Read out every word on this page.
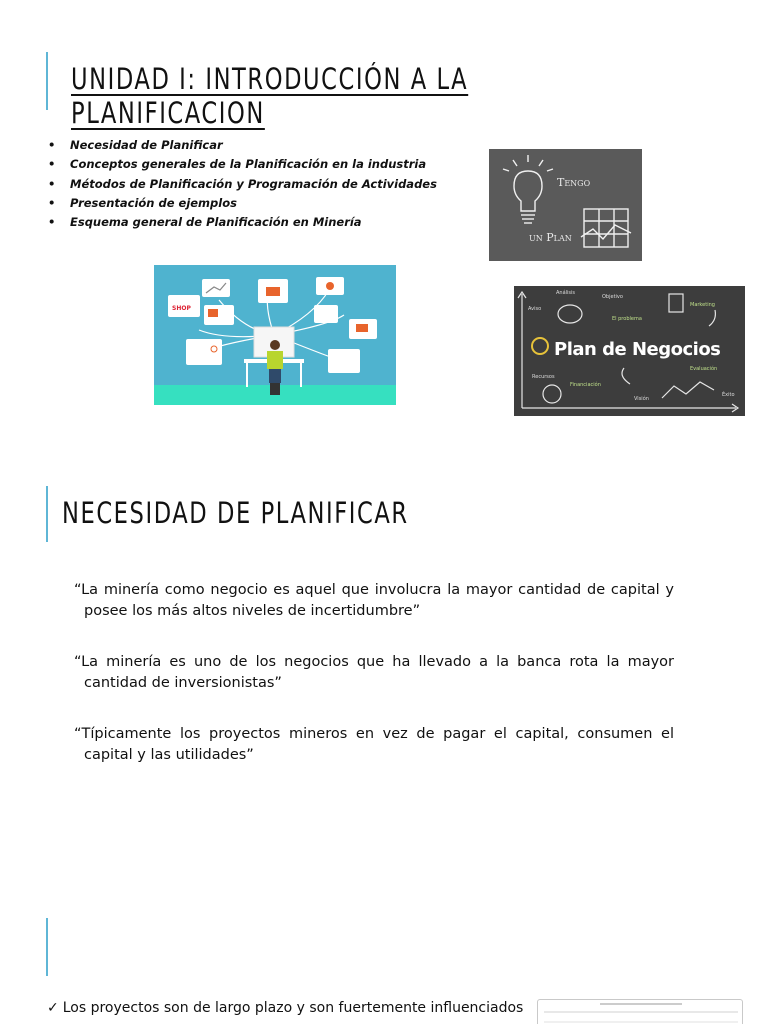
UNIDAD I: INTRODUCCIÓN A LA PLANIFICACION
• Necesidad de Planificar
• Conceptos generales de la Planificación en la industria
• Métodos de Planificación y Programación de Actividades
• Presentación de ejemplos
• Esquema general de Planificación en Minería
Tengo
un Plan
SHOP
Plan de Negocios
Análisis
Objetivo
Marketing
Aviso
El problema
Recursos
Financiación
Evaluación
Visión
Éxito
NECESIDAD DE PLANIFICAR

“La minería como negocio es aquel que involucra la mayor cantidad de capital y posee los más altos niveles de incertidumbre”

“La minería es uno de los negocios que ha llevado a la banca rota la mayor cantidad de inversionistas”

“Típicamente los proyectos mineros en vez de pagar el capital, consumen el capital y las utilidades”

✓ Los proyectos son de largo plazo y son fuertemente influenciados
